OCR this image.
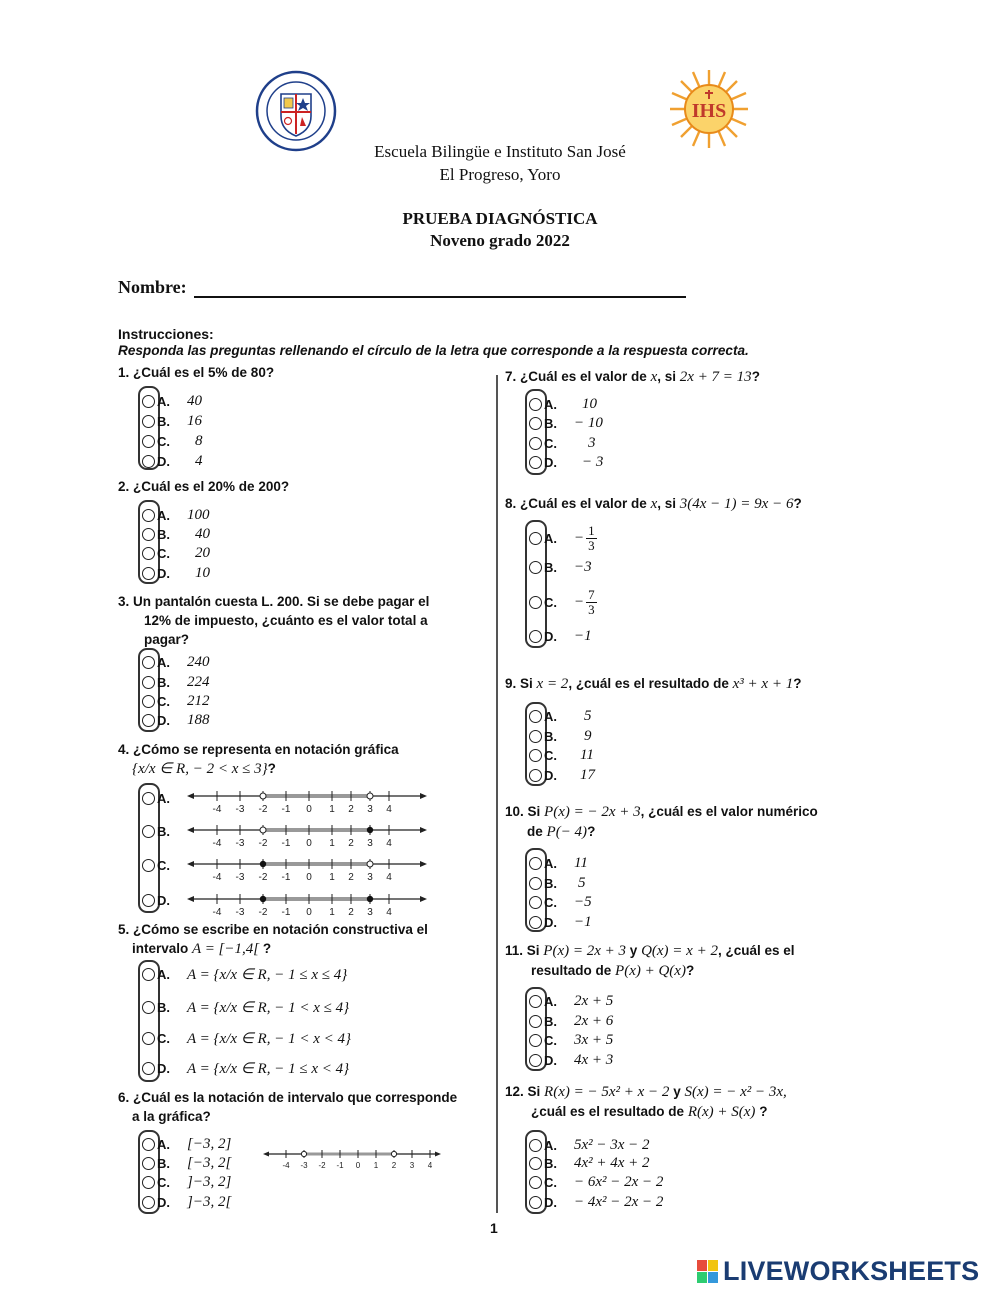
IHS
Escuela Bilingüe e Instituto San José
El Progreso, Yoro
PRUEBA DIAGNÓSTICA
Noveno grado 2022
Nombre:
Instrucciones:
Responda las preguntas rellenando el círculo de la letra que corresponde a la respuesta correcta.
1. ¿Cuál es el 5% de 80?
A.	40
B.	16
C.	8
D.	4
2. ¿Cuál es el 20% de 200?
A.	100
B.	40
C.	20
D.	10
3. Un pantalón cuesta L. 200. Si se debe pagar el
12% de impuesto, ¿cuánto es el valor total a
pagar?
A.	240
B.	224
C.	212
D.	188
4. ¿Cómo se representa en notación gráfica
{x/x ∈ R, − 2 < x ≤ 3}?
A.
B.
C.
D.
-4 -3 -2 -1 0 1 2 3 4
-4 -3 -2 -1 0 1 2 3 4
-4 -3 -2 -1 0 1 2 3 4
-4 -3 -2 -1 0 1 2 3 4
5. ¿Cómo se escribe en notación constructiva el
intervalo A = [−1,4[ ?
A.	A = {x/x ∈ R, − 1 ≤ x ≤ 4}
B.	A = {x/x ∈ R, − 1 < x ≤ 4}
C.	A = {x/x ∈ R, − 1 < x < 4}
D.	A = {x/x ∈ R, − 1 ≤ x < 4}
6. ¿Cuál es la notación de intervalo que corresponde
a la gráfica?
A.	[−3, 2]
B.	[−3, 2[
C.	]−3, 2]
D.	]−3, 2[
-4 -3 -2 -1 0 1 2 3 4
7. ¿Cuál es el valor de x, si 2x + 7 = 13?
A.	10
B.	− 10
C.	3
D.	− 3
8. ¿Cuál es el valor de x, si 3(4x − 1) = 9x − 6?
A.	− $\frac{1}{3}$
B.	−3
C.	− $\frac{7}{3}$
D.	−1
9. Si x = 2, ¿cuál es el resultado de x³ + x + 1?
A.	5
B.	9
C.	11
D.	17
10. Si P(x) = − 2x + 3, ¿cuál es el valor numérico
de P(− 4)?
A.	11
B.	5
C.	−5
D.	−1
11. Si P(x) = 2x + 3 y Q(x) = x + 2, ¿cuál es el
resultado de P(x) + Q(x)?
A.	2x + 5
B.	2x + 6
C.	3x + 5
D.	4x + 3
12. Si R(x) = − 5x² + x − 2 y S(x) = − x² − 3x,
¿cuál es el resultado de R(x) + S(x) ?
A.	5x² − 3x − 2
B.	4x² + 4x + 2
C.	− 6x² − 2x − 2
D.	− 4x² − 2x − 2
1
LIVEWORKSHEETS
